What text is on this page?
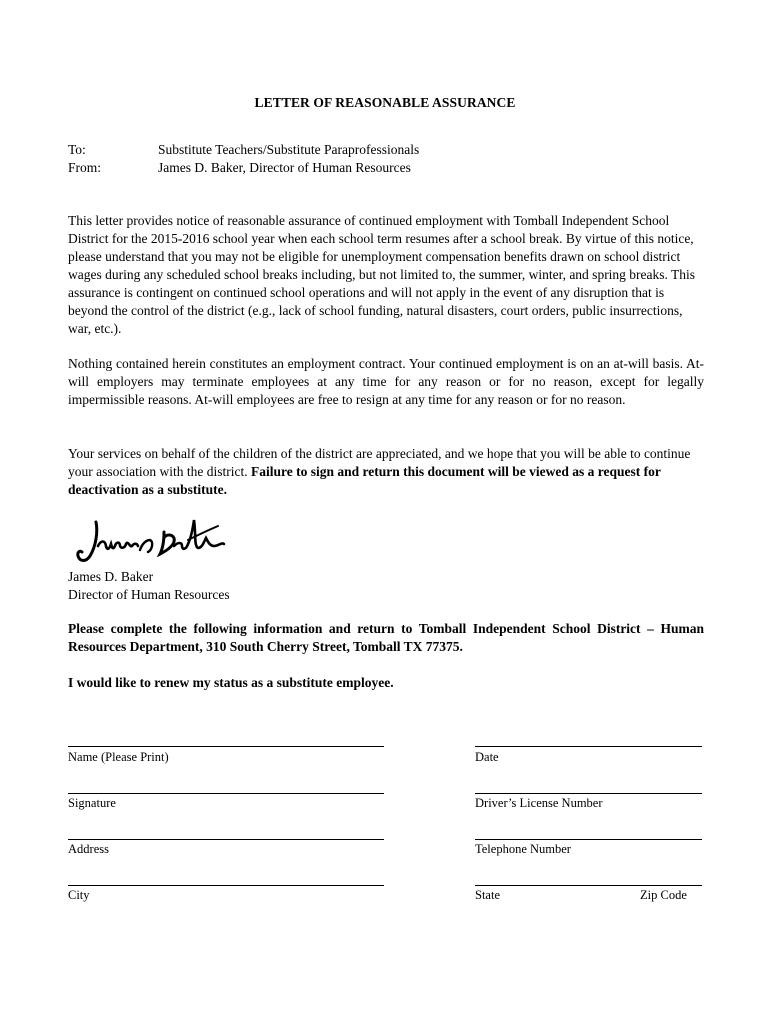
LETTER OF REASONABLE ASSURANCE
To:	Substitute Teachers/Substitute Paraprofessionals
From:	James D. Baker, Director of Human Resources
This letter provides notice of reasonable assurance of continued employment with Tomball Independent School District for the 2015-2016 school year when each school term resumes after a school break. By virtue of this notice, please understand that you may not be eligible for unemployment compensation benefits drawn on school district wages during any scheduled school breaks including, but not limited to, the summer, winter, and spring breaks. This assurance is contingent on continued school operations and will not apply in the event of any disruption that is beyond the control of the district (e.g., lack of school funding, natural disasters, court orders, public insurrections, war, etc.).
Nothing contained herein constitutes an employment contract. Your continued employment is on an at-will basis. At-will employers may terminate employees at any time for any reason or for no reason, except for legally impermissible reasons. At-will employees are free to resign at any time for any reason or for no reason.
Your services on behalf of the children of the district are appreciated, and we hope that you will be able to continue your association with the district. Failure to sign and return this document will be viewed as a request for deactivation as a substitute.
James D. Baker
Director of Human Resources
Please complete the following information and return to Tomball Independent School District – Human Resources Department, 310 South Cherry Street, Tomball TX 77375.
I would like to renew my status as a substitute employee.
Name (Please Print)	Date
Signature	Driver’s License Number
Address	Telephone Number
City	State	Zip Code
